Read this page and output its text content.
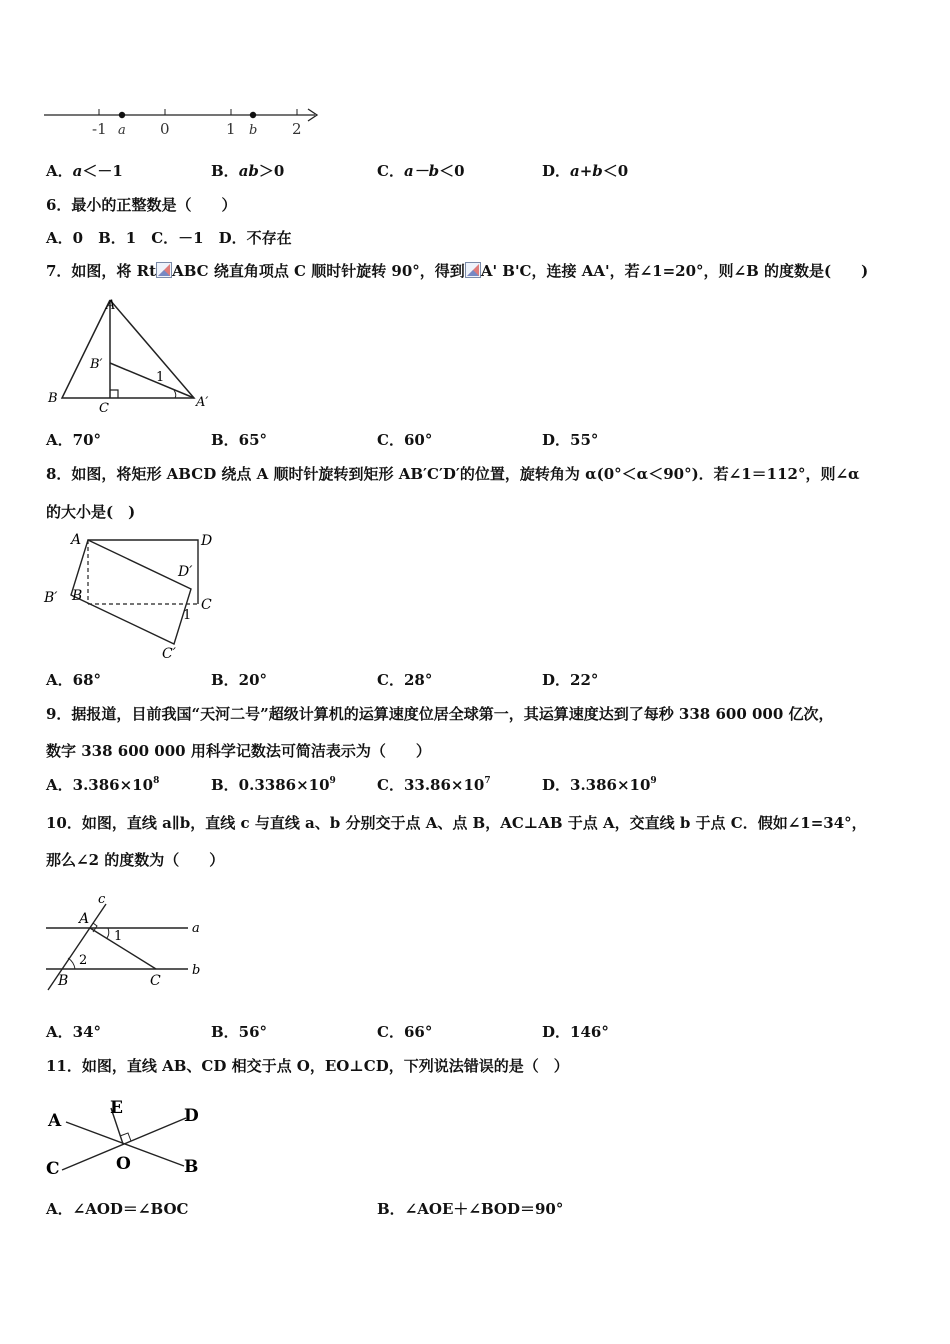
-1 a 0	1 b 2
A．a＜－1	B．ab＞0	C．a－b＜0	D．a+b＜0
6．最小的正整数是（　　）
A．0　B．1　C．－1　D．不存在
7．如图，将 Rt ABC 绕直角项点 C 顺时针旋转 90°，得到 A' B'C，连接 AA'，若∠1=20°，则∠B 的度数是(　　)
A
B
B′
C	A′
1
A．70°	B．65°	C．60°	D．55°
8．如图，将矩形 ABCD 绕点 A 顺时针旋转到矩形 AB′C′D′的位置，旋转角为 α(0°＜α＜90°)．若∠1＝112°，则∠α
的大小是(　)
A	D
D′
B′ B
C
1
C′
A．68°	B．20°	C．28°	D．22°
9．据报道，目前我国“天河二号”超级计算机的运算速度位居全球第一，其运算速度达到了每秒 338 600 000 亿次，
数字 338 600 000 用科学记数法可简洁表示为（　　）
A．$3.386\times 10^8$	B．$0.3386\times 10^9$	C．$33.86\times 10^7$	D．$3.386\times 10^9$
10．如图，直线 a∥b，直线 c 与直线 a、b 分别交于点 A、点 B，AC⊥AB 于点 A，交直线 b 于点 C．假如∠1=34°，
那么∠2 的度数为（　　）
c
A
1
a
2
b
B	C
A．34°	B．56°	C．66°	D．146°
11．如图，直线 AB、CD 相交于点 O，EO⊥CD，下列说法错误的是（　）
E
A	D
C	O	B
A．∠AOD＝∠BOC	B．∠AOE＋∠BOD＝90°
